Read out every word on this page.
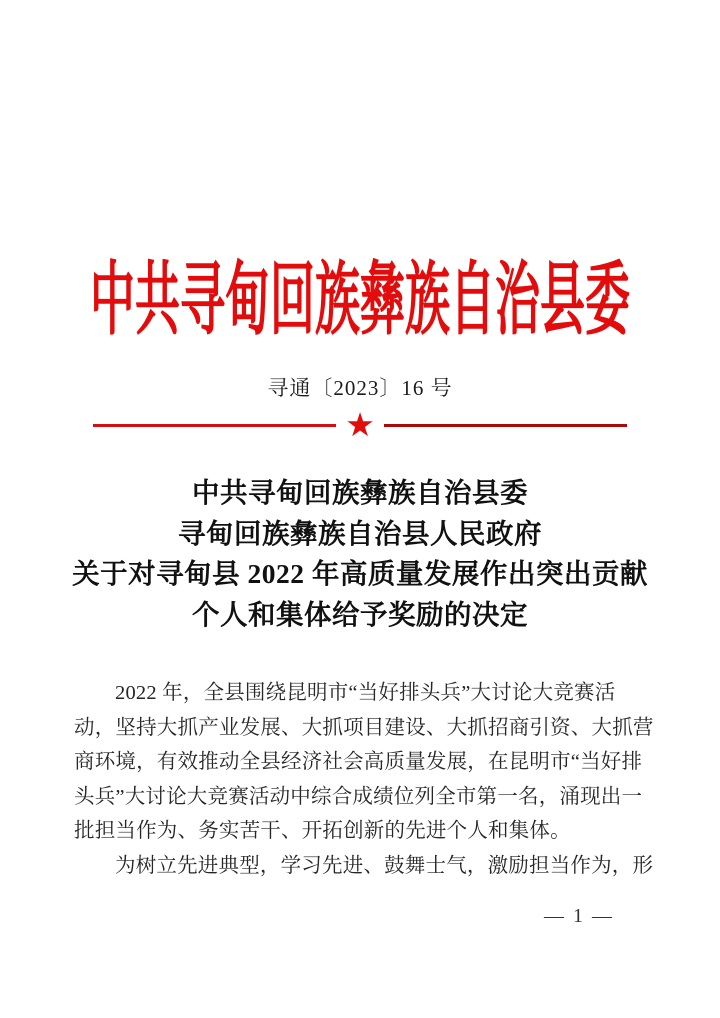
中共寻甸回族彝族自治县委
寻通〔2023〕16 号
★
中共寻甸回族彝族自治县委
寻甸回族彝族自治县人民政府
关于对寻甸县 2022 年高质量发展作出突出贡献
个人和集体给予奖励的决定
2022 年，全县围绕昆明市“当好排头兵”大讨论大竞赛活
动，坚持大抓产业发展、大抓项目建设、大抓招商引资、大抓营
商环境，有效推动全县经济社会高质量发展，在昆明市“当好排
头兵”大讨论大竞赛活动中综合成绩位列全市第一名，涌现出一
批担当作为、务实苦干、开拓创新的先进个人和集体。
为树立先进典型，学习先进、鼓舞士气，激励担当作为，形
— 1 —
